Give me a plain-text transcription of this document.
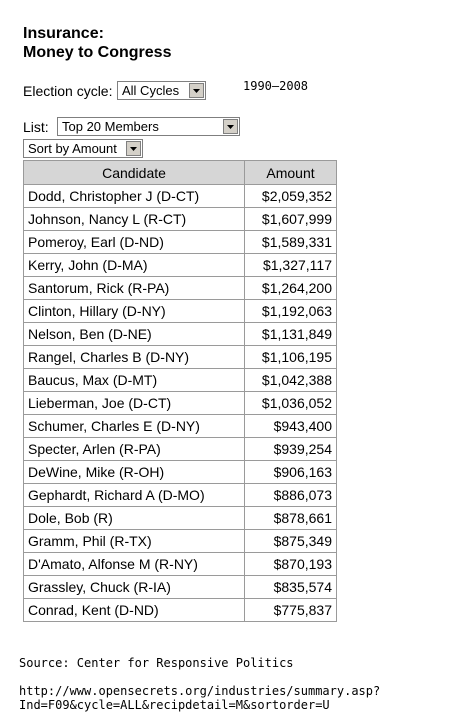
Insurance:
Money to Congress
Election cycle: All Cycles	1990–2008
List: Top 20 Members
Sort by Amount
Candidate	Amount
Dodd, Christopher J (D-CT)	$2,059,352
Johnson, Nancy L (R-CT)	$1,607,999
Pomeroy, Earl (D-ND)	$1,589,331
Kerry, John (D-MA)	$1,327,117
Santorum, Rick (R-PA)	$1,264,200
Clinton, Hillary (D-NY)	$1,192,063
Nelson, Ben (D-NE)	$1,131,849
Rangel, Charles B (D-NY)	$1,106,195
Baucus, Max (D-MT)	$1,042,388
Lieberman, Joe (D-CT)	$1,036,052
Schumer, Charles E (D-NY)	$943,400
Specter, Arlen (R-PA)	$939,254
DeWine, Mike (R-OH)	$906,163
Gephardt, Richard A (D-MO)	$886,073
Dole, Bob (R)	$878,661
Gramm, Phil (R-TX)	$875,349
D'Amato, Alfonse M (R-NY)	$870,193
Grassley, Chuck (R-IA)	$835,574
Conrad, Kent (D-ND)	$775,837
Source: Center for Responsive Politics
http://www.opensecrets.org/industries/summary.asp?
Ind=F09&cycle=ALL&recipdetail=M&sortorder=U
